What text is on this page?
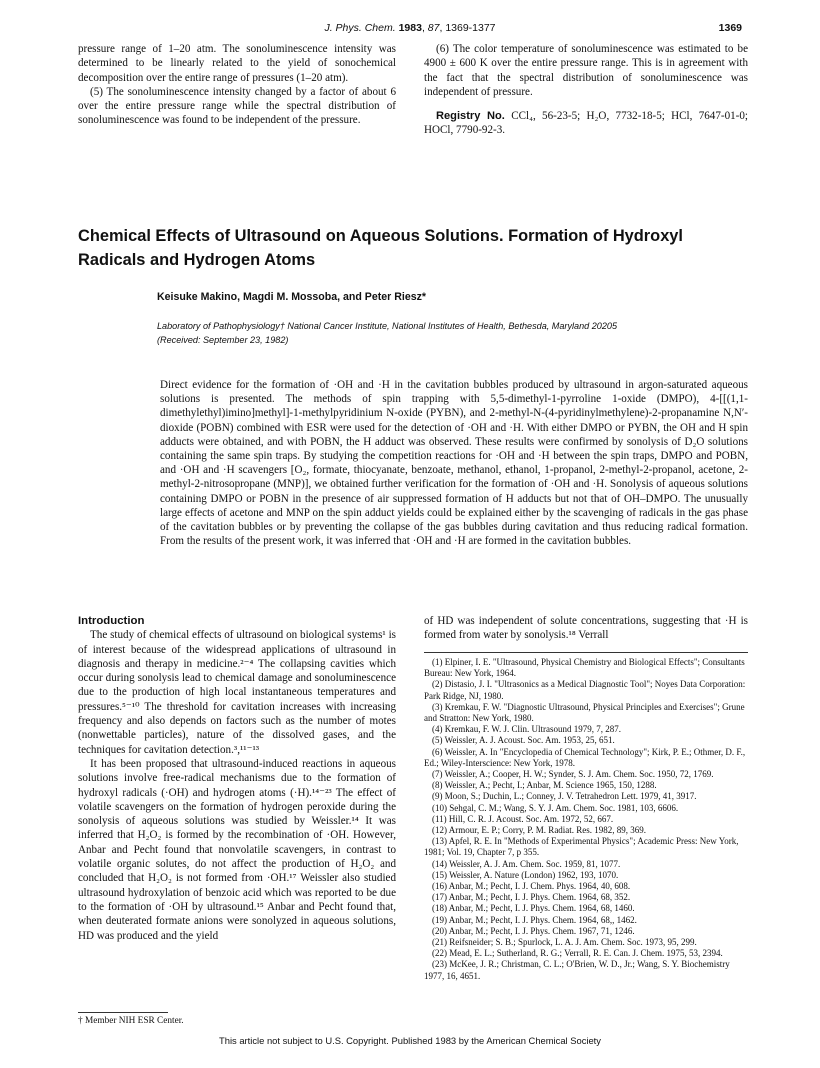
J. Phys. Chem. 1983, 87, 1369-1377	1369

pressure range of 1–20 atm. The sonoluminescence intensity was determined to be linearly related to the yield of sonochemical decomposition over the entire range of pressures (1–20 atm).

(5) The sonoluminescence intensity changed by a factor of about 6 over the entire pressure range while the spectral distribution of sonoluminescence was found to be independent of the pressure.

(6) The color temperature of sonoluminescence was estimated to be 4900 ± 600 K over the entire pressure range. This is in agreement with the fact that the spectral distribution of sonoluminescence was independent of pressure.

Registry No. CCl₄, 56-23-5; H₂O, 7732-18-5; HCl, 7647-01-0; HOCl, 7790-92-3.

Chemical Effects of Ultrasound on Aqueous Solutions. Formation of Hydroxyl Radicals and Hydrogen Atoms
Keisuke Makino, Magdi M. Mossoba, and Peter Riesz*
Laboratory of Pathophysiology† National Cancer Institute, National Institutes of Health, Bethesda, Maryland 20205
(Received: September 23, 1982)
Direct evidence for the formation of ·OH and ·H in the cavitation bubbles produced by ultrasound in argon-saturated aqueous solutions is presented. The methods of spin trapping with 5,5-dimethyl-1-pyrroline 1-oxide (DMPO), 4-[[(1,1-dimethylethyl)imino]methyl]-1-methylpyridinium N-oxide (PYBN), and 2-methyl-N-(4-pyridinylmethylene)-2-propanamine N,N′-dioxide (POBN) combined with ESR were used for the detection of ·OH and ·H. With either DMPO or PYBN, the OH and H spin adducts were obtained, and with POBN, the H adduct was observed. These results were confirmed by sonolysis of D₂O solutions containing the same spin traps. By studying the competition reactions for ·OH and ·H between the spin traps, DMPO and POBN, and ·OH and ·H scavengers [O₂, formate, thiocyanate, benzoate, methanol, ethanol, 1-propanol, 2-methyl-2-propanol, acetone, 2-methyl-2-nitrosopropane (MNP)], we obtained further verification for the formation of ·OH and ·H. Sonolysis of aqueous solutions containing DMPO or POBN in the presence of air suppressed formation of H adducts but not that of OH–DMPO. The unusually large effects of acetone and MNP on the spin adduct yields could be explained either by the scavenging of radicals in the gas phase of the cavitation bubbles or by preventing the collapse of the gas bubbles during cavitation and thus reducing radical formation. From the results of the present work, it was inferred that ·OH and ·H are formed in the cavitation bubbles.

Introduction

The study of chemical effects of ultrasound on biological systems¹ is of interest because of the widespread applications of ultrasound in diagnosis and therapy in medicine.²⁻⁴ The collapsing cavities which occur during sonolysis lead to chemical damage and sonoluminescence due to the production of high local instantaneous temperatures and pressures.⁵⁻¹⁰ The threshold for cavitation increases with increasing frequency and also depends on factors such as the number of motes (nonwettable particles), nature of the dissolved gases, and the techniques for cavitation detection.³,¹¹⁻¹³

It has been proposed that ultrasound-induced reactions in aqueous solutions involve free-radical mechanisms due to the formation of hydroxyl radicals (·OH) and hydrogen atoms (·H).¹⁴⁻²³ The effect of volatile scavengers on the formation of hydrogen peroxide during the sonolysis of aqueous solutions was studied by Weissler.¹⁴ It was inferred that H₂O₂ is formed by the recombination of ·OH. However, Anbar and Pecht found that nonvolatile scavengers, in contrast to volatile organic solutes, do not affect the production of H₂O₂ and concluded that H₂O₂ is not formed from ·OH.¹⁷ Weissler also studied ultrasound hydroxylation of benzoic acid which was reported to be due to the formation of ·OH by ultrasound.¹⁵ Anbar and Pecht found that, when deuterated formate anions were sonolyzed in aqueous solutions, HD was produced and the yield

† Member NIH ESR Center.

of HD was independent of solute concentrations, suggesting that ·H is formed from water by sonolysis.¹⁸ Verrall

(1) Elpiner, I. E. "Ultrasound, Physical Chemistry and Biological Effects"; Consultants Bureau: New York, 1964.
(2) Distasio, J. I. "Ultrasonics as a Medical Diagnostic Tool"; Noyes Data Corporation: Park Ridge, NJ, 1980.
(3) Kremkau, F. W. "Diagnostic Ultrasound, Physical Principles and Exercises"; Grune and Stratton: New York, 1980.
(4) Kremkau, F. W. J. Clin. Ultrasound 1979, 7, 287.
(5) Weissler, A. J. Acoust. Soc. Am. 1953, 25, 651.
(6) Weissler, A. In "Encyclopedia of Chemical Technology"; Kirk, P. E.; Othmer, D. F., Ed.; Wiley-Interscience: New York, 1978.
(7) Weissler, A.; Cooper, H. W.; Synder, S. J. Am. Chem. Soc. 1950, 72, 1769.
(8) Weissler, A.; Pecht, I.; Anbar, M. Science 1965, 150, 1288.
(9) Moon, S.; Duchin, L.; Conney, J. V. Tetrahedron Lett. 1979, 41, 3917.
(10) Sehgal, C. M.; Wang, S. Y. J. Am. Chem. Soc. 1981, 103, 6606.
(11) Hill, C. R. J. Acoust. Soc. Am. 1972, 52, 667.
(12) Armour, E. P.; Corry, P. M. Radiat. Res. 1982, 89, 369.
(13) Apfel, R. E. In "Methods of Experimental Physics"; Academic Press: New York, 1981; Vol. 19, Chapter 7, p 355.
(14) Weissler, A. J. Am. Chem. Soc. 1959, 81, 1077.
(15) Weissler, A. Nature (London) 1962, 193, 1070.
(16) Anbar, M.; Pecht, I. J. Chem. Phys. 1964, 40, 608.
(17) Anbar, M.; Pecht, I. J. Phys. Chem. 1964, 68, 352.
(18) Anbar, M.; Pecht, I. J. Phys. Chem. 1964, 68, 1460.
(19) Anbar, M.; Pecht, I. J. Phys. Chem. 1964, 68,, 1462.
(20) Anbar, M.; Pecht, I. J. Phys. Chem. 1967, 71, 1246.
(21) Reifsneider; S. B.; Spurlock, L. A. J. Am. Chem. Soc. 1973, 95, 299.
(22) Mead, E. L.; Sutherland, R. G.; Verrall, R. E. Can. J. Chem. 1975, 53, 2394.
(23) McKee, J. R.; Christman, C. L.; O'Brien, W. D., Jr.; Wang, S. Y. Biochemistry 1977, 16, 4651.
This article not subject to U.S. Copyright. Published 1983 by the American Chemical Society
